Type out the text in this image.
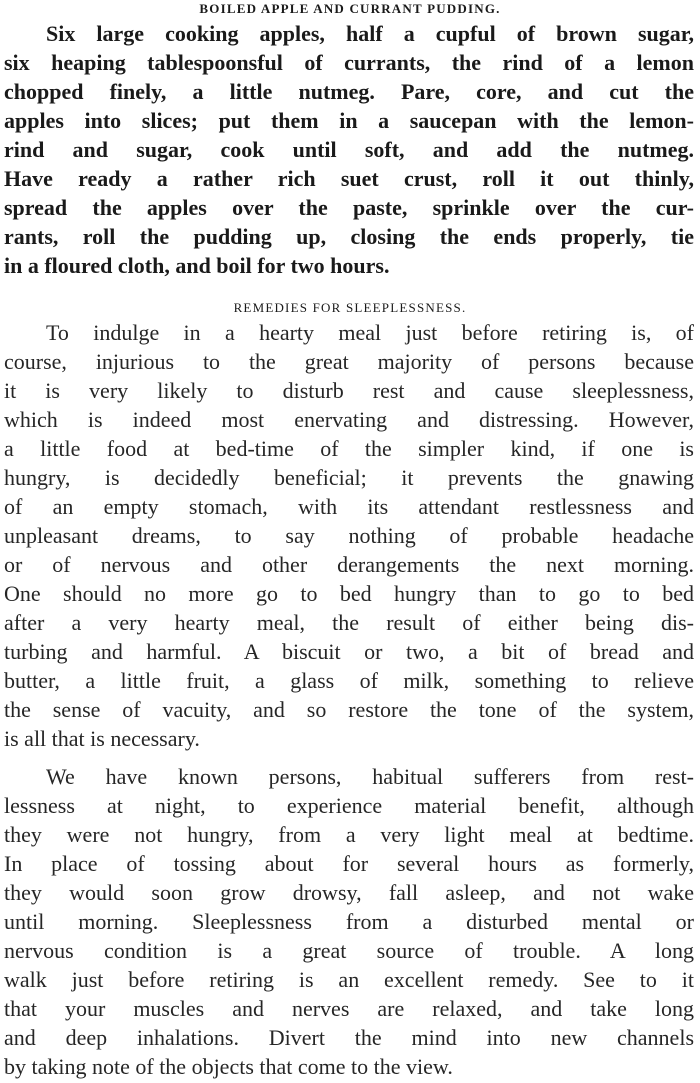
BOILED APPLE AND CURRANT PUDDING.
Six large cooking apples, half a cupful of brown sugar,
six heaping tablespoonsful of currants, the rind of a lemon
chopped finely, a little nutmeg. Pare, core, and cut the
apples into slices; put them in a saucepan with the lemon-
rind and sugar, cook until soft, and add the nutmeg.
Have ready a rather rich suet crust, roll it out thinly,
spread the apples over the paste, sprinkle over the cur-
rants, roll the pudding up, closing the ends properly, tie
in a floured cloth, and boil for two hours.
REMEDIES FOR SLEEPLESSNESS.
To indulge in a hearty meal just before retiring is, of
course, injurious to the great majority of persons because
it is very likely to disturb rest and cause sleeplessness,
which is indeed most enervating and distressing. However,
a little food at bed-time of the simpler kind, if one is
hungry, is decidedly beneficial; it prevents the gnawing
of an empty stomach, with its attendant restlessness and
unpleasant dreams, to say nothing of probable headache
or of nervous and other derangements the next morning.
One should no more go to bed hungry than to go to bed
after a very hearty meal, the result of either being dis-
turbing and harmful. A biscuit or two, a bit of bread and
butter, a little fruit, a glass of milk, something to relieve
the sense of vacuity, and so restore the tone of the system,
is all that is necessary.
We have known persons, habitual sufferers from rest-
lessness at night, to experience material benefit, although
they were not hungry, from a very light meal at bedtime.
In place of tossing about for several hours as formerly,
they would soon grow drowsy, fall asleep, and not wake
until morning. Sleeplessness from a disturbed mental or
nervous condition is a great source of trouble. A long
walk just before retiring is an excellent remedy. See to it
that your muscles and nerves are relaxed, and take long
and deep inhalations. Divert the mind into new channels
by taking note of the objects that come to the view.
